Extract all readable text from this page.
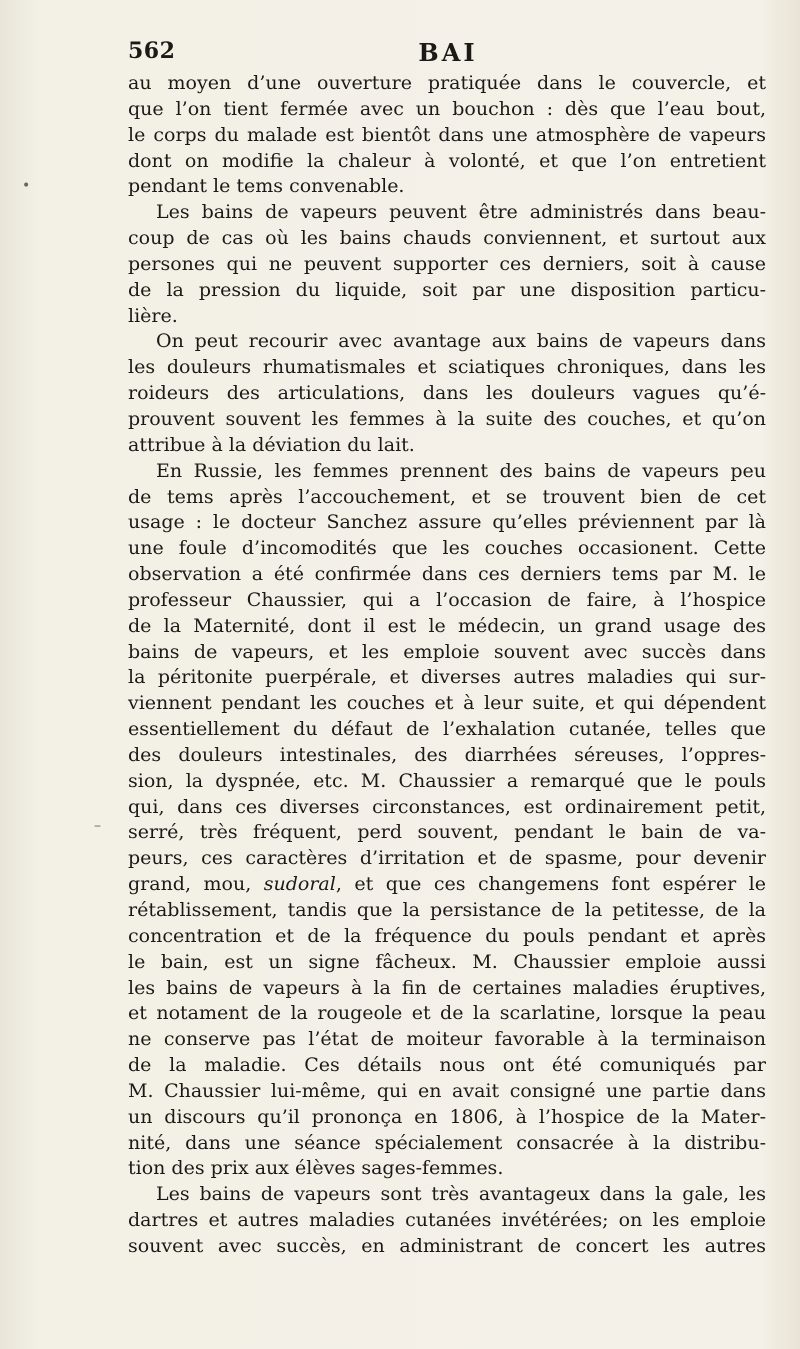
562	BAI
au moyen d’une ouverture pratiquée dans le couvercle, et
que l’on tient fermée avec un bouchon : dès que l’eau bout,
le corps du malade est bientôt dans une atmosphère de vapeurs
dont on modifie la chaleur à volonté, et que l’on entretient
pendant le tems convenable.
Les bains de vapeurs peuvent être administrés dans beau-
coup de cas où les bains chauds conviennent, et surtout aux
persones qui ne peuvent supporter ces derniers, soit à cause
de la pression du liquide, soit par une disposition particu-
lière.
On peut recourir avec avantage aux bains de vapeurs dans
les douleurs rhumatismales et sciatiques chroniques, dans les
roideurs des articulations, dans les douleurs vagues qu’é-
prouvent souvent les femmes à la suite des couches, et qu’on
attribue à la déviation du lait.
En Russie, les femmes prennent des bains de vapeurs peu
de tems après l’accouchement, et se trouvent bien de cet
usage : le docteur Sanchez assure qu’elles préviennent par là
une foule d’incomodités que les couches occasionent. Cette
observation a été confirmée dans ces derniers tems par M. le
professeur Chaussier, qui a l’occasion de faire, à l’hospice
de la Maternité, dont il est le médecin, un grand usage des
bains de vapeurs, et les emploie souvent avec succès dans
la péritonite puerpérale, et diverses autres maladies qui sur-
viennent pendant les couches et à leur suite, et qui dépendent
essentiellement du défaut de l’exhalation cutanée, telles que
des douleurs intestinales, des diarrhées séreuses, l’oppres-
sion, la dyspnée, etc. M. Chaussier a remarqué que le pouls
qui, dans ces diverses circonstances, est ordinairement petit,
serré, très fréquent, perd souvent, pendant le bain de va-
peurs, ces caractères d’irritation et de spasme, pour devenir
grand, mou, sudoral, et que ces changemens font espérer le
rétablissement, tandis que la persistance de la petitesse, de la
concentration et de la fréquence du pouls pendant et après
le bain, est un signe fâcheux. M. Chaussier emploie aussi
les bains de vapeurs à la fin de certaines maladies éruptives,
et notament de la rougeole et de la scarlatine, lorsque la peau
ne conserve pas l’état de moiteur favorable à la terminaison
de la maladie. Ces détails nous ont été comuniqués par
M. Chaussier lui-même, qui en avait consigné une partie dans
un discours qu’il prononça en 1806, à l’hospice de la Mater-
nité, dans une séance spécialement consacrée à la distribu-
tion des prix aux élèves sages-femmes.
Les bains de vapeurs sont très avantageux dans la gale, les
dartres et autres maladies cutanées invétérées; on les emploie
souvent avec succès, en administrant de concert les autres
•
–
